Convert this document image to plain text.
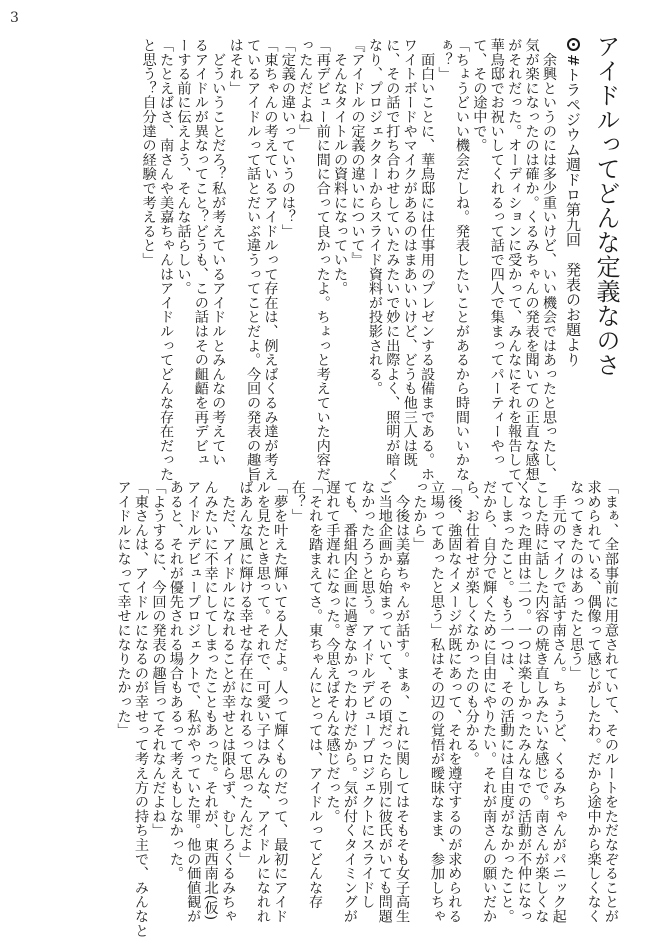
3
アイドルってどんな定義なのさ
#トラペジウム週ドロ第九回　発表のお題より
　余興というのには多少重いけど、いい機会ではあったと思ったし、
気が楽になったのは確か。くるみちゃんの発表を聞いての正直な感想
がそれだった。オーディションに受かって、みんなにそれを報告して、
華鳥邸でお祝いしてくれるって話で四人で集まってパーティーやっ
て、その途中で。
「ちょうどいい機会だしね。発表したいことがあるから時間いいかな
ぁ？」
　面白いことに、華鳥邸には仕事用のプレゼンする設備まである。ホ
ワイトボードやマイクがあるのはまあいいけど、どうも他三人は既
に、その話で打ち合わせしていたみたいで妙に出際よく、照明が暗く
なり、プロジェクターからスライド資料が投影される。
『アイドルの定義の違いについて』
　そんなタイトルの資料になっていた。
「再デビュー前に間に合って良かったよ。ちょっと考えていた内容だ
ったんだよね」
「定義の違いっていうのは？」
「東ちゃんの考えているアイドルって存在は、例えばくるみ達が考え
ているアイドルって話とだいぶ違うってことだよ。今回の発表の趣旨
はそれ」
　どういうことだろ？私が考えているアイドルとみんなの考えてい
るアイドルが異なってこと？どうも、この話はその齟齬を再デビュ
ーする前に伝えよう、そんな話らしい。
「たとえばさ、南さんや美嘉ちゃんはアイドルってどんな存在だった
と思う？自分達の経験で考えると」
「まぁ、全部事前に用意されていて、そのルートをただなぞることが
求められている、偶像って感じがしたわ。だから途中から楽しくなく
なってきたのはあったと思う」
　手元のマイクで話す南さん。ちょうど、くるみちゃんがパニック起
こした時に話した内容の焼き直しみたいな感じで。南さんが楽しくな
くなった理由は二つ。一つは楽しかったみんなでの活動が不仲になっ
てしまったこと。もう一つは、その活動には自由度がなかったこと。
だから、自分で輝くために自由にやりたい。それが南さんの願いだか
ら、お仕着せが楽しくなかったのも分かる。
「後、強固なイメージが既にあって、それを遵守するのが求められる
立場ってあったと思う」私はその辺の覚悟が曖昧なまま、参加しちゃ
ったから」
　今後は美嘉ちゃんが話す。まぁ、これに関してはそもそも女子高生
ご当地企画から始まっていて、その頃だったら別に彼氏がいても問題
なかったろうと思う。アイドルデビュープロジェクトにスライドし
ても、番組内企画に過ぎなかったわけだから。気が付くタイミングが
遅れて手遅れになった。今思えばそんな感じだった。
「それを踏まえてさ。東ちゃんにとっては、アイドルってどんな存
在？」
「夢を叶えた輝いてる人だよ。人って輝くものだって、最初にアイド
ルを見たとき思って。それで、可愛い子はみんな、アイドルになれれ
ばあんな風に輝ける幸せな存在になれるって思ったんだよ」
　ただ、アイドルになれることが幸せとは限らず、むしろくるみちゃ
んみたいに不幸にしてしまったこともあった。それが、東西南北(仮)
アイドルデビュープロジェクトで、私がやっていた罪。他の価値観が
あると、それが優先される場合もあるって考えもしなかった。
「ようするに、今回の発表の趣旨ってそれなんだよね」
「東さんは、アイドルになるのが幸せって考え方の持ち主で、みんなと
アイドルになって幸せになりたかった」
